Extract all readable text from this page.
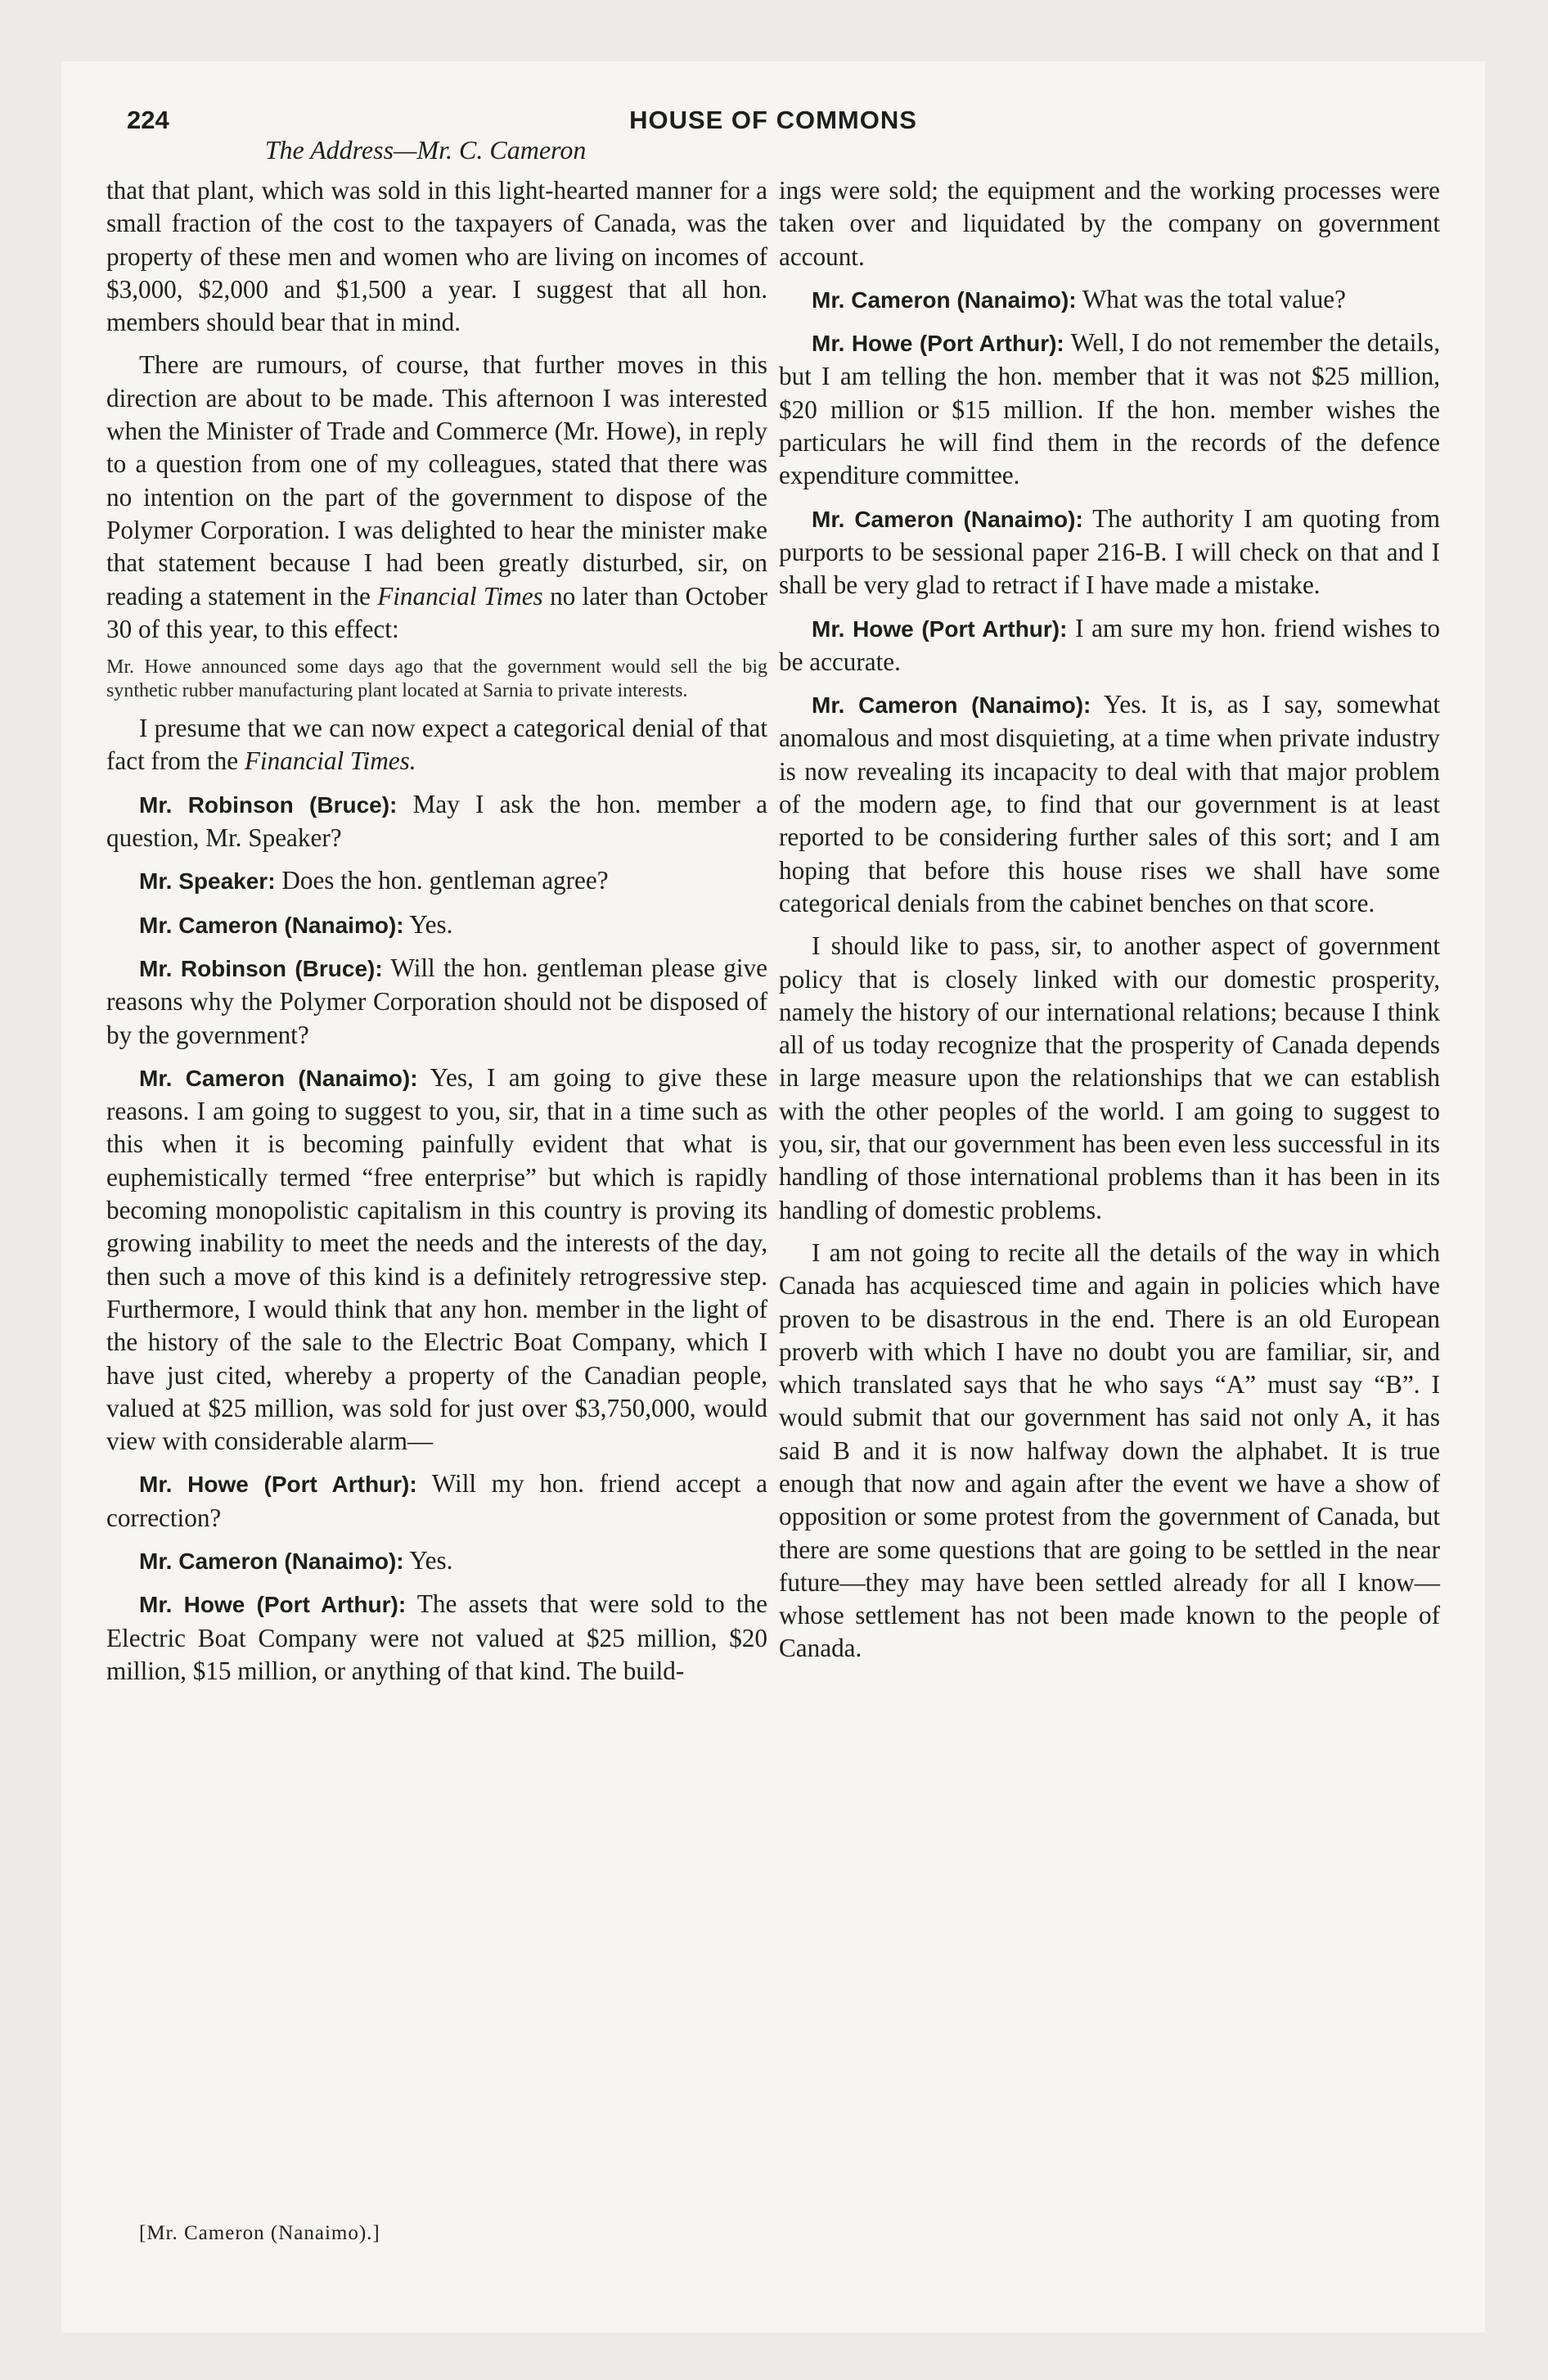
224	HOUSE OF COMMONS
The Address—Mr. C. Cameron

that that plant, which was sold in this light-hearted manner for a small fraction of the cost to the taxpayers of Canada, was the property of these men and women who are living on incomes of $3,000, $2,000 and $1,500 a year. I suggest that all hon. members should bear that in mind.

There are rumours, of course, that further moves in this direction are about to be made. This afternoon I was interested when the Minister of Trade and Commerce (Mr. Howe), in reply to a question from one of my colleagues, stated that there was no intention on the part of the government to dispose of the Polymer Corporation. I was delighted to hear the minister make that statement because I had been greatly disturbed, sir, on reading a statement in the Financial Times no later than October 30 of this year, to this effect:

Mr. Howe announced some days ago that the government would sell the big synthetic rubber manufacturing plant located at Sarnia to private interests.

I presume that we can now expect a categorical denial of that fact from the Financial Times.

Mr. Robinson (Bruce): May I ask the hon. member a question, Mr. Speaker?

Mr. Speaker: Does the hon. gentleman agree?

Mr. Cameron (Nanaimo): Yes.

Mr. Robinson (Bruce): Will the hon. gentleman please give reasons why the Polymer Corporation should not be disposed of by the government?

Mr. Cameron (Nanaimo): Yes, I am going to give these reasons. I am going to suggest to you, sir, that in a time such as this when it is becoming painfully evident that what is euphemistically termed “free enterprise” but which is rapidly becoming monopolistic capitalism in this country is proving its growing inability to meet the needs and the interests of the day, then such a move of this kind is a definitely retrogressive step. Furthermore, I would think that any hon. member in the light of the history of the sale to the Electric Boat Company, which I have just cited, whereby a property of the Canadian people, valued at $25 million, was sold for just over $3,750,000, would view with considerable alarm—

Mr. Howe (Port Arthur): Will my hon. friend accept a correction?

Mr. Cameron (Nanaimo): Yes.

Mr. Howe (Port Arthur): The assets that were sold to the Electric Boat Company were not valued at $25 million, $20 million, $15 million, or anything of that kind. The build-

ings were sold; the equipment and the working processes were taken over and liquidated by the company on government account.

Mr. Cameron (Nanaimo): What was the total value?

Mr. Howe (Port Arthur): Well, I do not remember the details, but I am telling the hon. member that it was not $25 million, $20 million or $15 million. If the hon. member wishes the particulars he will find them in the records of the defence expenditure committee.

Mr. Cameron (Nanaimo): The authority I am quoting from purports to be sessional paper 216-B. I will check on that and I shall be very glad to retract if I have made a mistake.

Mr. Howe (Port Arthur): I am sure my hon. friend wishes to be accurate.

Mr. Cameron (Nanaimo): Yes. It is, as I say, somewhat anomalous and most disquieting, at a time when private industry is now revealing its incapacity to deal with that major problem of the modern age, to find that our government is at least reported to be considering further sales of this sort; and I am hoping that before this house rises we shall have some categorical denials from the cabinet benches on that score.

I should like to pass, sir, to another aspect of government policy that is closely linked with our domestic prosperity, namely the history of our international relations; because I think all of us today recognize that the prosperity of Canada depends in large measure upon the relationships that we can establish with the other peoples of the world. I am going to suggest to you, sir, that our government has been even less successful in its handling of those international problems than it has been in its handling of domestic problems.

I am not going to recite all the details of the way in which Canada has acquiesced time and again in policies which have proven to be disastrous in the end. There is an old European proverb with which I have no doubt you are familiar, sir, and which translated says that he who says “A” must say “B”. I would submit that our government has said not only A, it has said B and it is now halfway down the alphabet. It is true enough that now and again after the event we have a show of opposition or some protest from the government of Canada, but there are some questions that are going to be settled in the near future—they may have been settled already for all I know—whose settlement has not been made known to the people of Canada.

[Mr. Cameron (Nanaimo).]
